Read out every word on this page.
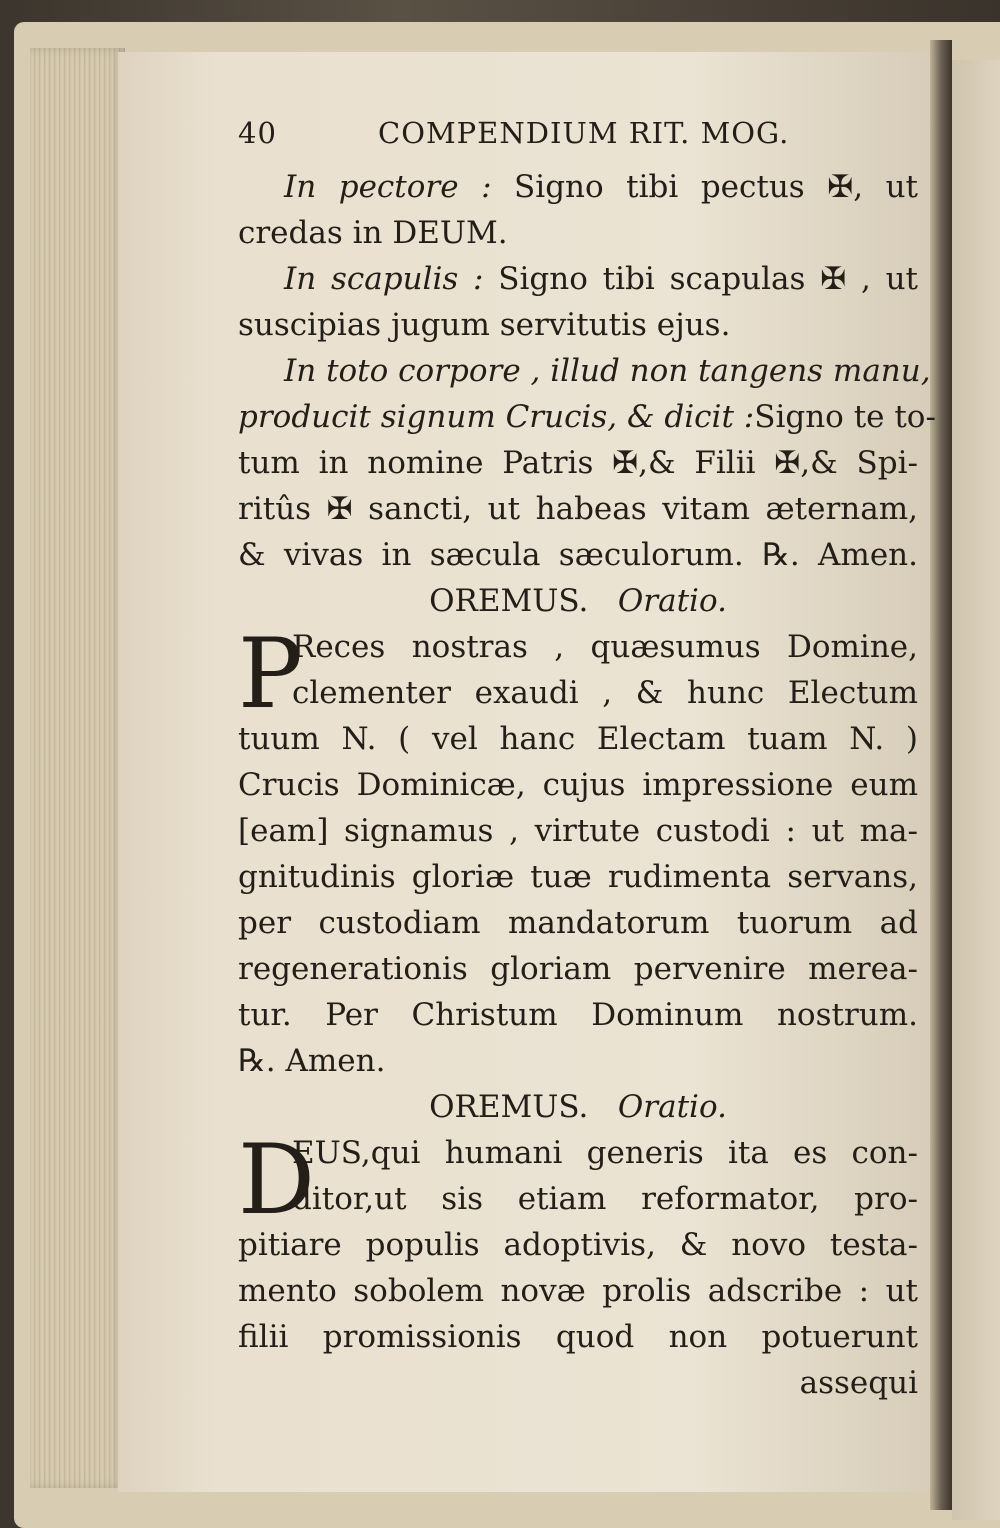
40	COMPENDIUM RIT. MOG.
In pectore : Signo tibi pectus ✠, ut
credas in DEUM.
In scapulis : Signo tibi scapulas ✠ , ut
suscipias jugum servitutis ejus.
In toto corpore , illud non tangens manu,
producit signum Crucis, & dicit :Signo te to-
tum in nomine Patris ✠,& Filii ✠,& Spi-
ritûs ✠ sancti, ut habeas vitam æternam,
& vivas in sæcula sæculorum. ℞. Amen.
OREMUS. Oratio.
P
Reces nostras , quæsumus Domine,
clementer exaudi , & hunc Electum
tuum N. ( vel hanc Electam tuam N. )
Crucis Dominicæ, cujus impressione eum
[eam] signamus , virtute custodi : ut ma-
gnitudinis gloriæ tuæ rudimenta servans,
per custodiam mandatorum tuorum ad
regenerationis gloriam pervenire merea-
tur. Per Christum Dominum nostrum.
℞. Amen.
OREMUS. Oratio.
D
EUS,qui humani generis ita es con-
ditor,ut sis etiam reformator, pro-
pitiare populis adoptivis, & novo testa-
mento sobolem novæ prolis adscribe : ut
filii promissionis quod non potuerunt
assequi
